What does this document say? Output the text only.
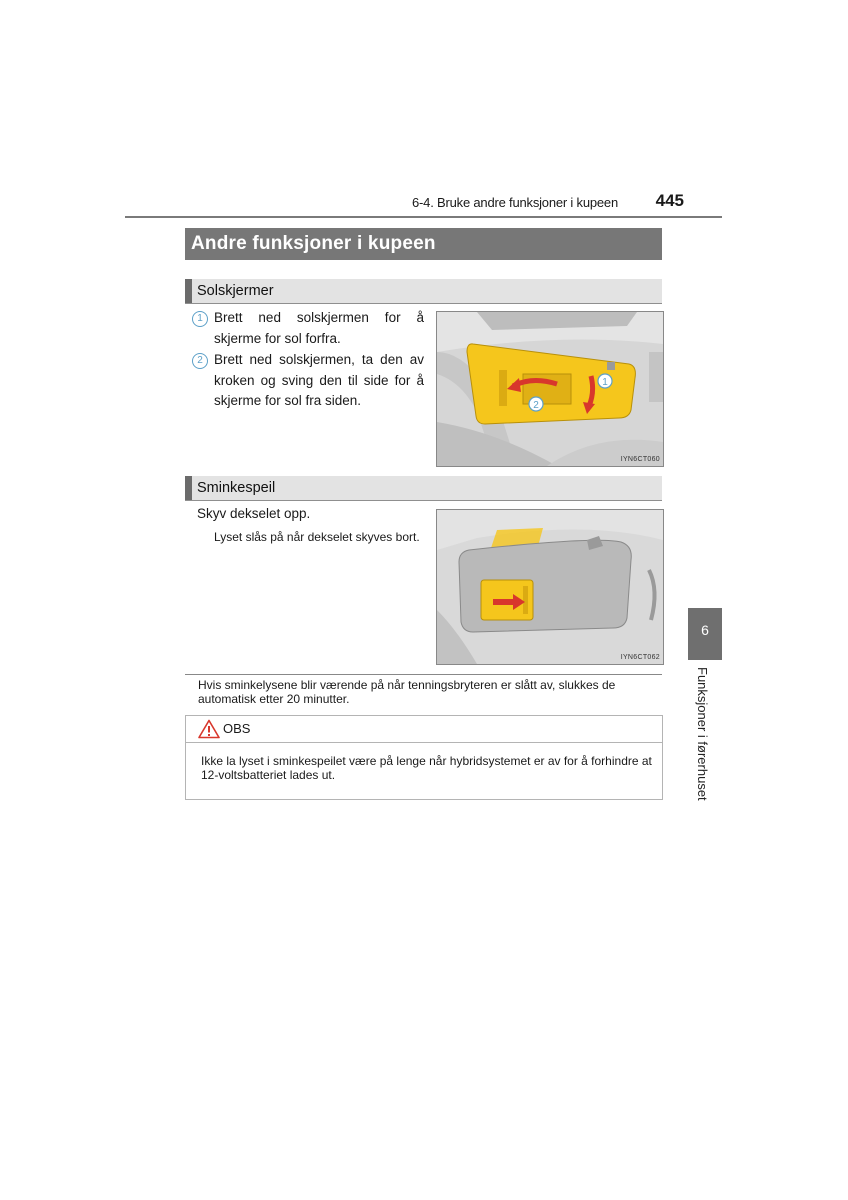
6-4. Bruke andre funksjoner i kupeen	445
Andre funksjoner i kupeen
Solskjermer
1 Brett ned solskjermen for å skjerme for sol forfra.
2 Brett ned solskjermen, ta den av kroken og sving den til side for å skjerme for sol fra siden.
1
2
IYN6CT060
Sminkespeil
Skyv dekselet opp.
Lyset slås på når dekselet skyves bort.
IYN6CT062
Hvis sminkelysene blir værende på når tenningsbryteren er slått av, slukkes de automatisk etter 20 minutter.
OBS
Ikke la lyset i sminkespeilet være på lenge når hybridsystemet er av for å forhindre at 12-voltsbatteriet lades ut.
6
Funksjoner i førerhuset
